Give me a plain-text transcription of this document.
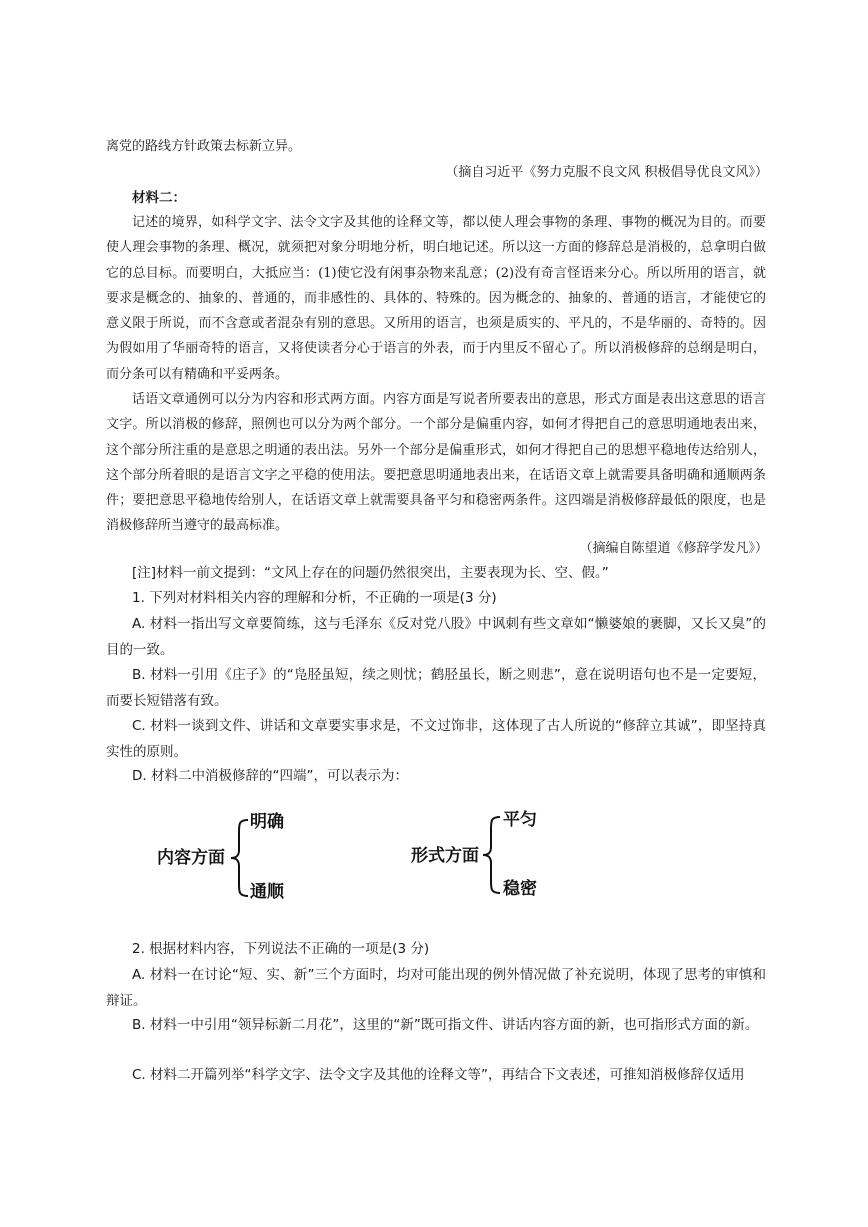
离党的路线方针政策去标新立异。

（摘自习近平《努力克服不良文风 积极倡导优良文风》）

材料二：

记述的境界，如科学文字、法令文字及其他的诠释文等，都以使人理会事物的条理、事物的概况为目的。而要使人理会事物的条理、概况，就须把对象分明地分析，明白地记述。所以这一方面的修辞总是消极的，总拿明白做它的总目标。而要明白，大抵应当：(1)使它没有闲事杂物来乱意；(2)没有奇言怪语来分心。所以所用的语言，就要求是概念的、抽象的、普通的，而非感性的、具体的、特殊的。因为概念的、抽象的、普通的语言，才能使它的意义限于所说，而不含意或者混杂有别的意思。又所用的语言，也须是质实的、平凡的，不是华丽的、奇特的。因为假如用了华丽奇特的语言，又将使读者分心于语言的外表，而于内里反不留心了。所以消极修辞的总纲是明白，而分条可以有精确和平妥两条。

话语文章通例可以分为内容和形式两方面。内容方面是写说者所要表出的意思，形式方面是表出这意思的语言文字。所以消极的修辞，照例也可以分为两个部分。一个部分是偏重内容，如何才得把自己的意思明通地表出来，这个部分所注重的是意思之明通的表出法。另外一个部分是偏重形式，如何才得把自己的思想平稳地传达给别人，这个部分所着眼的是语言文字之平稳的使用法。要把意思明通地表出来，在话语文章上就需要具备明确和通顺两条件；要把意思平稳地传给别人，在话语文章上就需要具备平匀和稳密两条件。这四端是消极修辞最低的限度，也是消极修辞所当遵守的最高标准。

（摘编自陈望道《修辞学发凡》）

[注]材料一前文提到：“文风上存在的问题仍然很突出，主要表现为长、空、假。”

1. 下列对材料相关内容的理解和分析，不正确的一项是(3 分)

A. 材料一指出写文章要简练，这与毛泽东《反对党八股》中讽刺有些文章如“懒婆娘的裹脚，又长又臭”的目的一致。

B. 材料一引用《庄子》的“凫胫虽短，续之则忧；鹤胫虽长，断之则悲”，意在说明语句也不是一定要短，而要长短错落有致。

C. 材料一谈到文件、讲话和文章要实事求是，不文过饰非，这体现了古人所说的“修辞立其诚”，即坚持真实性的原则。

D. 材料二中消极修辞的“四端”，可以表示为：

内容方面
明确
通顺
形式方面
平匀
稳密

2. 根据材料内容，下列说法不正确的一项是(3 分)

A. 材料一在讨论“短、实、新”三个方面时，均对可能出现的例外情况做了补充说明，体现了思考的审慎和辩证。

B. 材料一中引用“领异标新二月花”，这里的“新”既可指文件、讲话内容方面的新，也可指形式方面的新。

C. 材料二开篇列举“科学文字、法令文字及其他的诠释文等”，再结合下文表述，可推知消极修辞仅适用
